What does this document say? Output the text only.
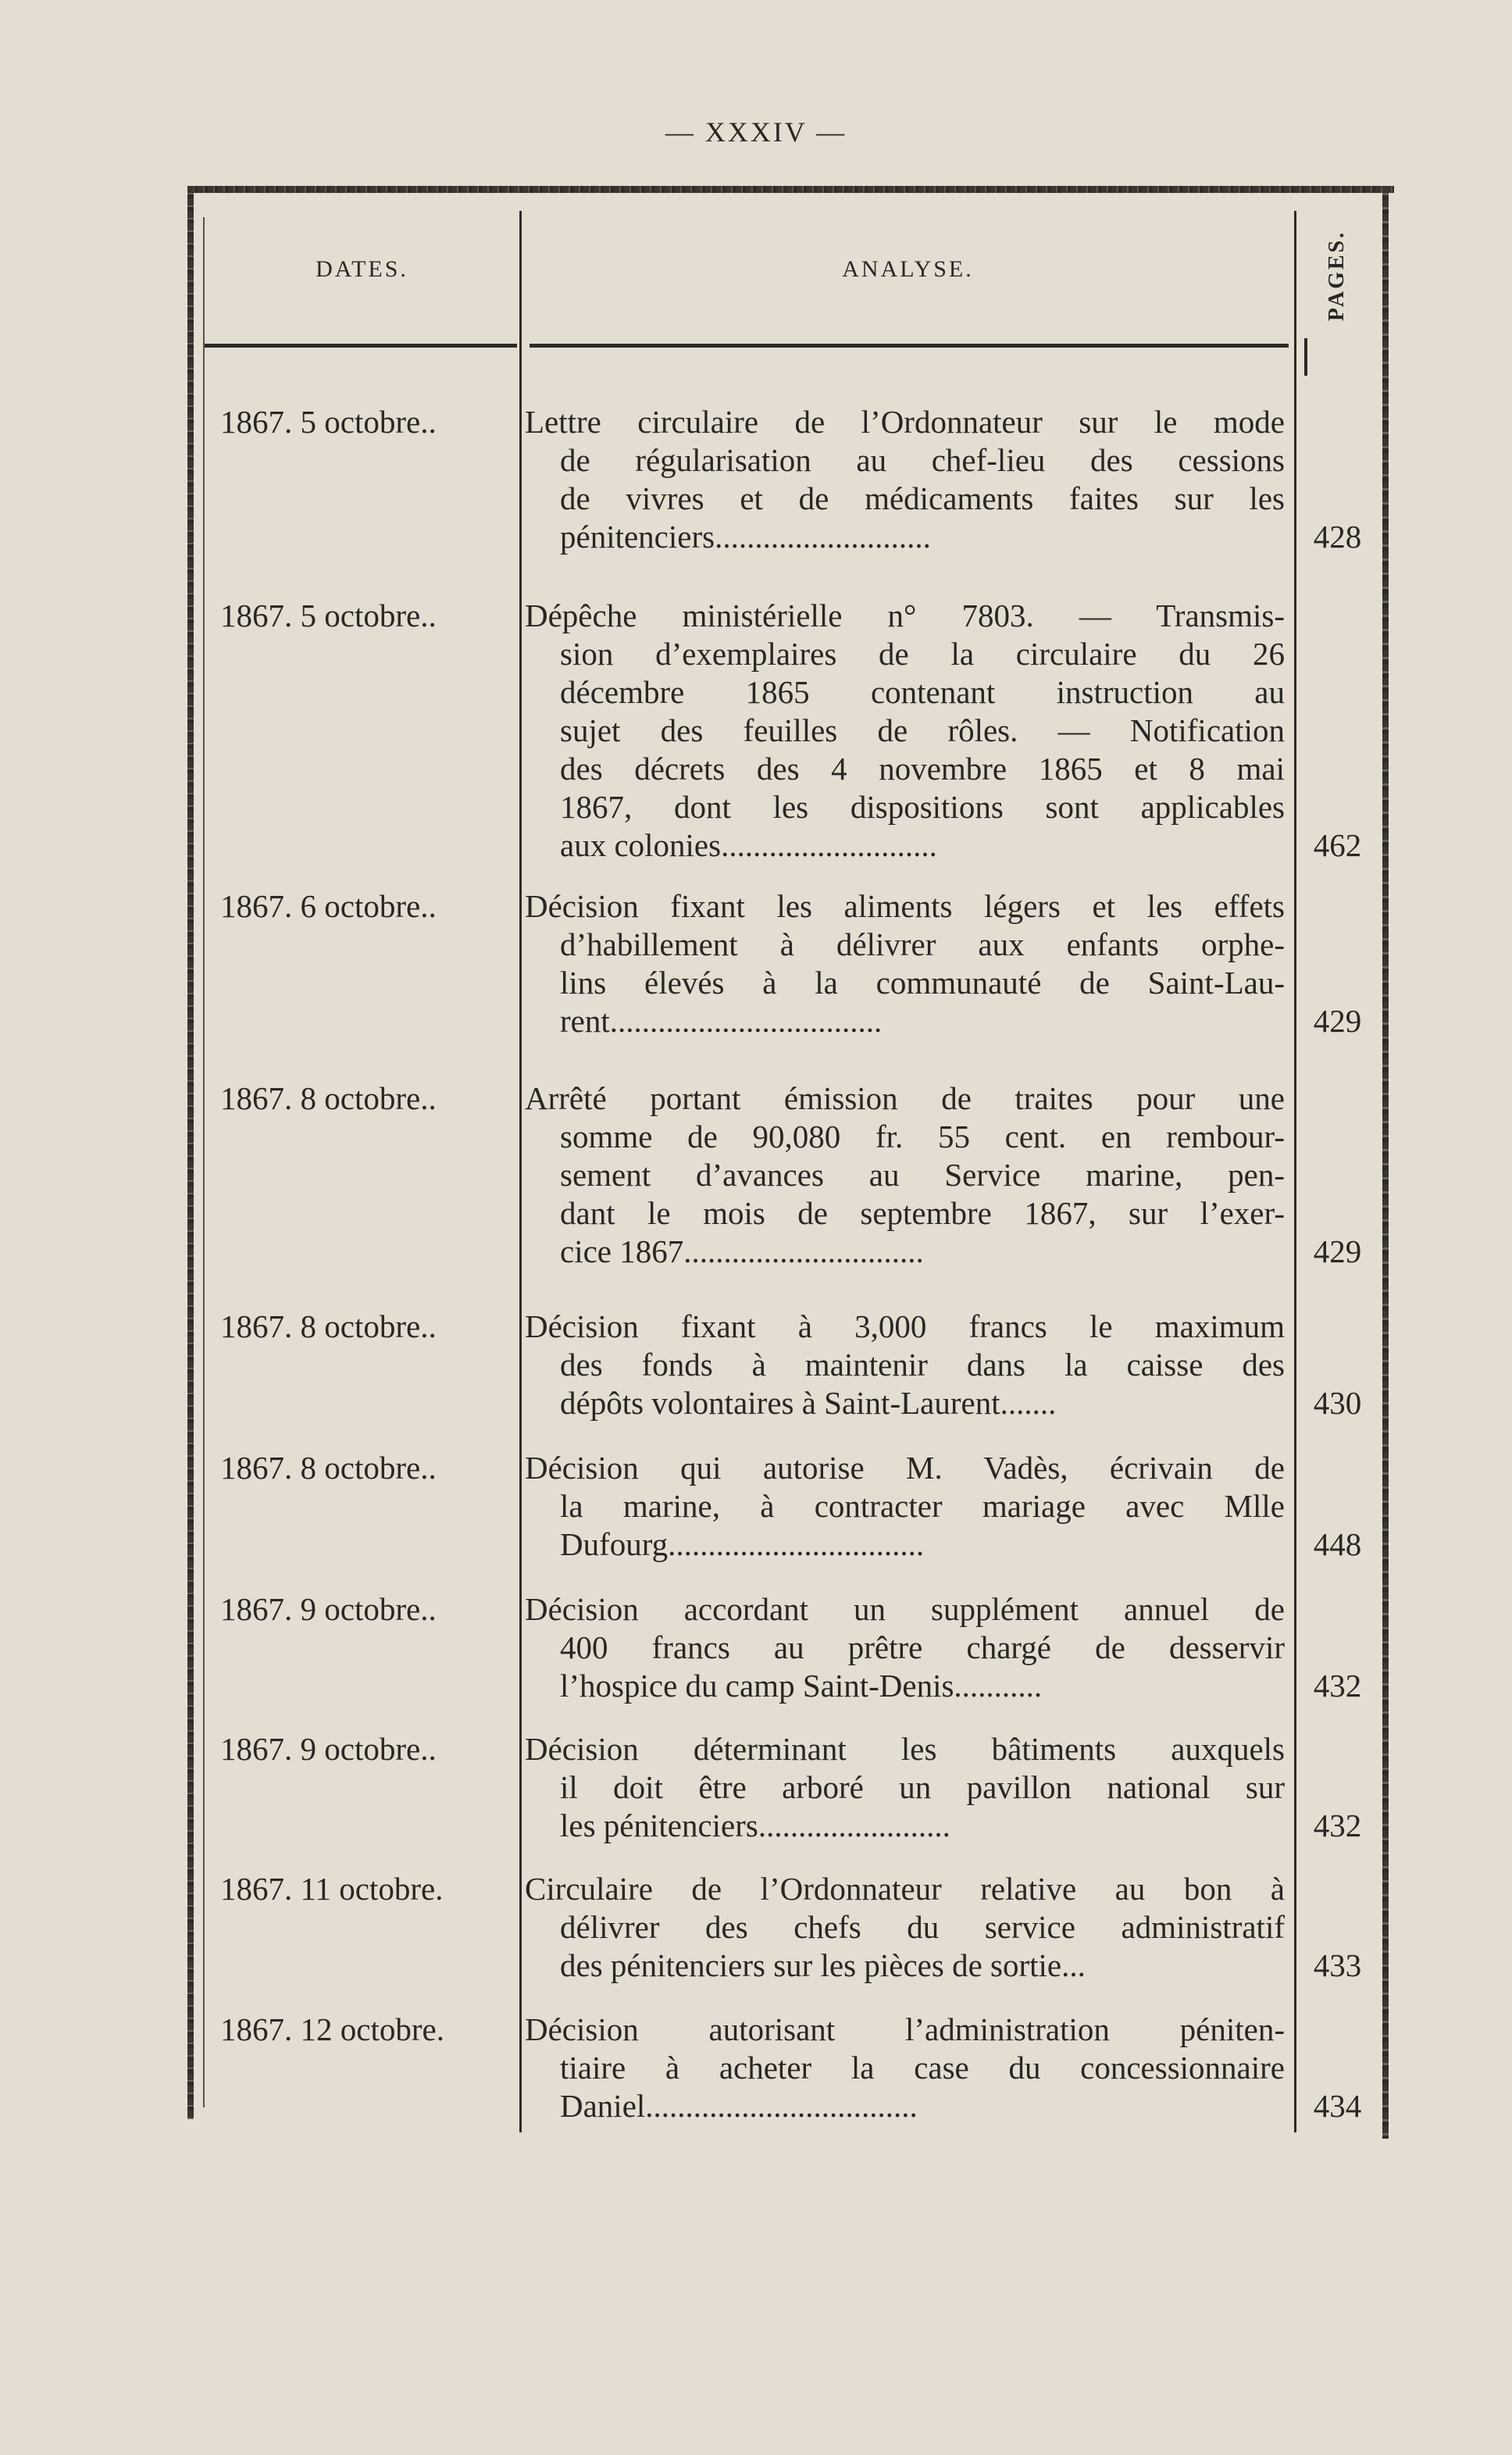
— XXXIV —
DATES.	ANALYSE.	PAGES.
1867. 5 octobre..	Lettre circulaire de l’Ordonnateur sur le mode
de régularisation au chef-lieu des cessions
de vivres et de médicaments faites sur les
pénitenciers...........................	428
1867. 5 octobre..	Dépêche ministérielle n° 7803. — Transmis-
sion d’exemplaires de la circulaire du 26
décembre 1865 contenant instruction au
sujet des feuilles de rôles. — Notification
des décrets des 4 novembre 1865 et 8 mai
1867, dont les dispositions sont applicables
aux colonies...........................	462
1867. 6 octobre..	Décision fixant les aliments légers et les effets
d’habillement à délivrer aux enfants orphe-
lins élevés à la communauté de Saint-Lau-
rent..................................	429
1867. 8 octobre..	Arrêté portant émission de traites pour une
somme de 90,080 fr. 55 cent. en rembour-
sement d’avances au Service marine, pen-
dant le mois de septembre 1867, sur l’exer-
cice 1867..............................	429
1867. 8 octobre..	Décision fixant à 3,000 francs le maximum
des fonds à maintenir dans la caisse des
dépôts volontaires à Saint-Laurent.......	430
1867. 8 octobre..	Décision qui autorise M. Vadès, écrivain de
la marine, à contracter mariage avec Mlle
Dufourg................................	448
1867. 9 octobre..	Décision accordant un supplément annuel de
400 francs au prêtre chargé de desservir
l’hospice du camp Saint-Denis...........	432
1867. 9 octobre..	Décision déterminant les bâtiments auxquels
il doit être arboré un pavillon national sur
les pénitenciers........................	432
1867. 11 octobre.	Circulaire de l’Ordonnateur relative au bon à
délivrer des chefs du service administratif
des pénitenciers sur les pièces de sortie...	433
1867. 12 octobre.	Décision autorisant l’administration péniten-
tiaire à acheter la case du concessionnaire
Daniel..................................	434
